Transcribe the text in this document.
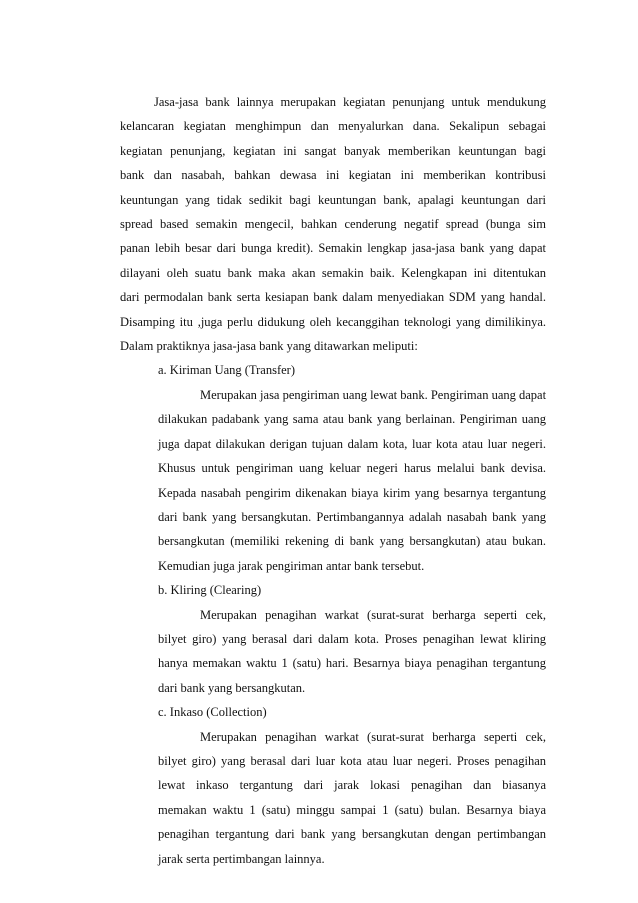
Jasa-jasa bank lainnya merupakan kegiatan penunjang untuk mendukung
kelancaran kegiatan menghimpun dan menyalurkan dana. Sekalipun sebagai
kegiatan penunjang, kegiatan ini sangat banyak memberikan keuntungan bagi
bank dan nasabah, bahkan dewasa ini kegiatan ini memberikan kontribusi
keuntungan yang tidak sedikit bagi keuntungan bank, apalagi keuntungan dari
spread based semakin mengecil, bahkan cenderung negatif spread (bunga sim
panan lebih besar dari bunga kredit). Semakin lengkap jasa-jasa bank yang dapat
dilayani oleh suatu bank maka akan semakin baik. Kelengkapan ini ditentukan
dari permodalan bank serta kesiapan bank dalam menyediakan SDM yang handal.
Disamping itu ,juga perlu didukung oleh kecanggihan teknologi yang dimilikinya.
Dalam praktiknya jasa-jasa bank yang ditawarkan meliputi:
a. Kiriman Uang (Transfer)
Merupakan jasa pengiriman uang lewat bank. Pengiriman uang dapat
dilakukan padabank yang sama atau bank yang berlainan. Pengiriman uang
juga dapat dilakukan derigan tujuan dalam kota, luar kota atau luar negeri.
Khusus untuk pengiriman uang keluar negeri harus melalui bank devisa.
Kepada nasabah pengirim dikenakan biaya kirim yang besarnya tergantung
dari bank yang bersangkutan. Pertimbangannya adalah nasabah bank yang
bersangkutan (memiliki rekening di bank yang bersangkutan) atau bukan.
Kemudian juga jarak pengiriman antar bank tersebut.
b. Kliring (Clearing)
Merupakan penagihan warkat (surat-surat berharga seperti cek,
bilyet giro) yang berasal dari dalam kota. Proses penagihan lewat kliring
hanya memakan waktu 1 (satu) hari. Besarnya biaya penagihan tergantung
dari bank yang bersangkutan.
c. Inkaso (Collection)
Merupakan penagihan warkat (surat-surat berharga seperti cek,
bilyet giro) yang berasal dari luar kota atau luar negeri. Proses penagihan
lewat inkaso tergantung dari jarak lokasi penagihan dan biasanya
memakan waktu 1 (satu) minggu sampai 1 (satu) bulan. Besarnya biaya
penagihan tergantung dari bank yang bersangkutan dengan pertimbangan
jarak serta pertimbangan lainnya.
